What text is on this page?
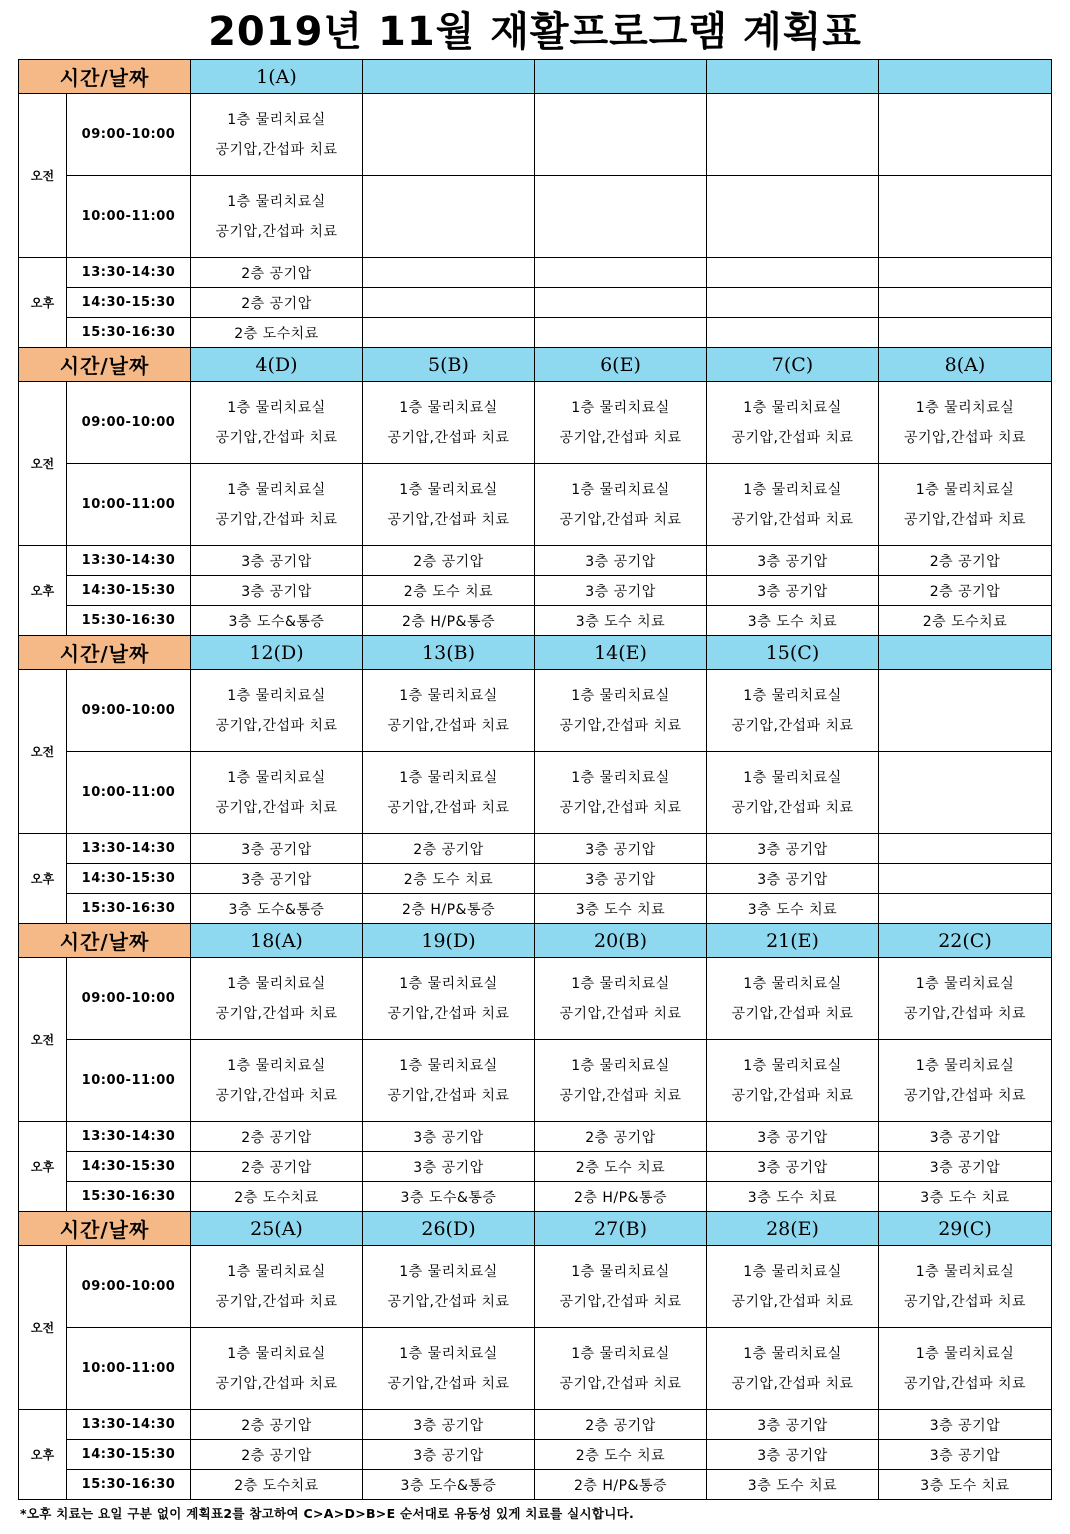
2019년 11월 재활프로그램 계획표
시간/날짜		1(A)				
오전	09:00-10:00	1층 물리치료실
공기압,간섭파 치료				

	10:00-11:00	1층 물리치료실
공기압,간섭파 치료				

오후	13:30-14:30	2층 공기압				
	14:30-15:30	2층 공기압				
	15:30-16:30	2층 도수치료				
시간/날짜		4(D)	5(B)	6(E)	7(C)	8(A)
오전	09:00-10:00	1층 물리치료실
공기압,간섭파 치료	1층 물리치료실
공기압,간섭파 치료	1층 물리치료실
공기압,간섭파 치료	1층 물리치료실
공기압,간섭파 치료	1층 물리치료실
공기압,간섭파 치료

	10:00-11:00	1층 물리치료실
공기압,간섭파 치료	1층 물리치료실
공기압,간섭파 치료	1층 물리치료실
공기압,간섭파 치료	1층 물리치료실
공기압,간섭파 치료	1층 물리치료실
공기압,간섭파 치료

오후	13:30-14:30	3층 공기압	2층 공기압	3층 공기압	3층 공기압	2층 공기압
	14:30-15:30	3층 공기압	2층 도수 치료	3층 공기압	3층 공기압	2층 공기압
	15:30-16:30	3층 도수&통증	2층 H/P&통증	3층 도수 치료	3층 도수 치료	2층 도수치료
시간/날짜		12(D)	13(B)	14(E)	15(C)	
오전	09:00-10:00	1층 물리치료실
공기압,간섭파 치료	1층 물리치료실
공기압,간섭파 치료	1층 물리치료실
공기압,간섭파 치료	1층 물리치료실
공기압,간섭파 치료	

	10:00-11:00	1층 물리치료실
공기압,간섭파 치료	1층 물리치료실
공기압,간섭파 치료	1층 물리치료실
공기압,간섭파 치료	1층 물리치료실
공기압,간섭파 치료	

오후	13:30-14:30	3층 공기압	2층 공기압	3층 공기압	3층 공기압	
	14:30-15:30	3층 공기압	2층 도수 치료	3층 공기압	3층 공기압	
	15:30-16:30	3층 도수&통증	2층 H/P&통증	3층 도수 치료	3층 도수 치료	
시간/날짜		18(A)	19(D)	20(B)	21(E)	22(C)
오전	09:00-10:00	1층 물리치료실
공기압,간섭파 치료	1층 물리치료실
공기압,간섭파 치료	1층 물리치료실
공기압,간섭파 치료	1층 물리치료실
공기압,간섭파 치료	1층 물리치료실
공기압,간섭파 치료

	10:00-11:00	1층 물리치료실
공기압,간섭파 치료	1층 물리치료실
공기압,간섭파 치료	1층 물리치료실
공기압,간섭파 치료	1층 물리치료실
공기압,간섭파 치료	1층 물리치료실
공기압,간섭파 치료

오후	13:30-14:30	2층 공기압	3층 공기압	2층 공기압	3층 공기압	3층 공기압
	14:30-15:30	2층 공기압	3층 공기압	2층 도수 치료	3층 공기압	3층 공기압
	15:30-16:30	2층 도수치료	3층 도수&통증	2층 H/P&통증	3층 도수 치료	3층 도수 치료
시간/날짜		25(A)	26(D)	27(B)	28(E)	29(C)
오전	09:00-10:00	1층 물리치료실
공기압,간섭파 치료	1층 물리치료실
공기압,간섭파 치료	1층 물리치료실
공기압,간섭파 치료	1층 물리치료실
공기압,간섭파 치료	1층 물리치료실
공기압,간섭파 치료

	10:00-11:00	1층 물리치료실
공기압,간섭파 치료	1층 물리치료실
공기압,간섭파 치료	1층 물리치료실
공기압,간섭파 치료	1층 물리치료실
공기압,간섭파 치료	1층 물리치료실
공기압,간섭파 치료

오후	13:30-14:30	2층 공기압	3층 공기압	2층 공기압	3층 공기압	3층 공기압
	14:30-15:30	2층 공기압	3층 공기압	2층 도수 치료	3층 공기압	3층 공기압
	15:30-16:30	2층 도수치료	3층 도수&통증	2층 H/P&통증	3층 도수 치료	3층 도수 치료
*오후 치료는 요일 구분 없이 계획표2를 참고하여 C>A>D>B>E 순서대로 유동성 있게 치료를 실시합니다.
